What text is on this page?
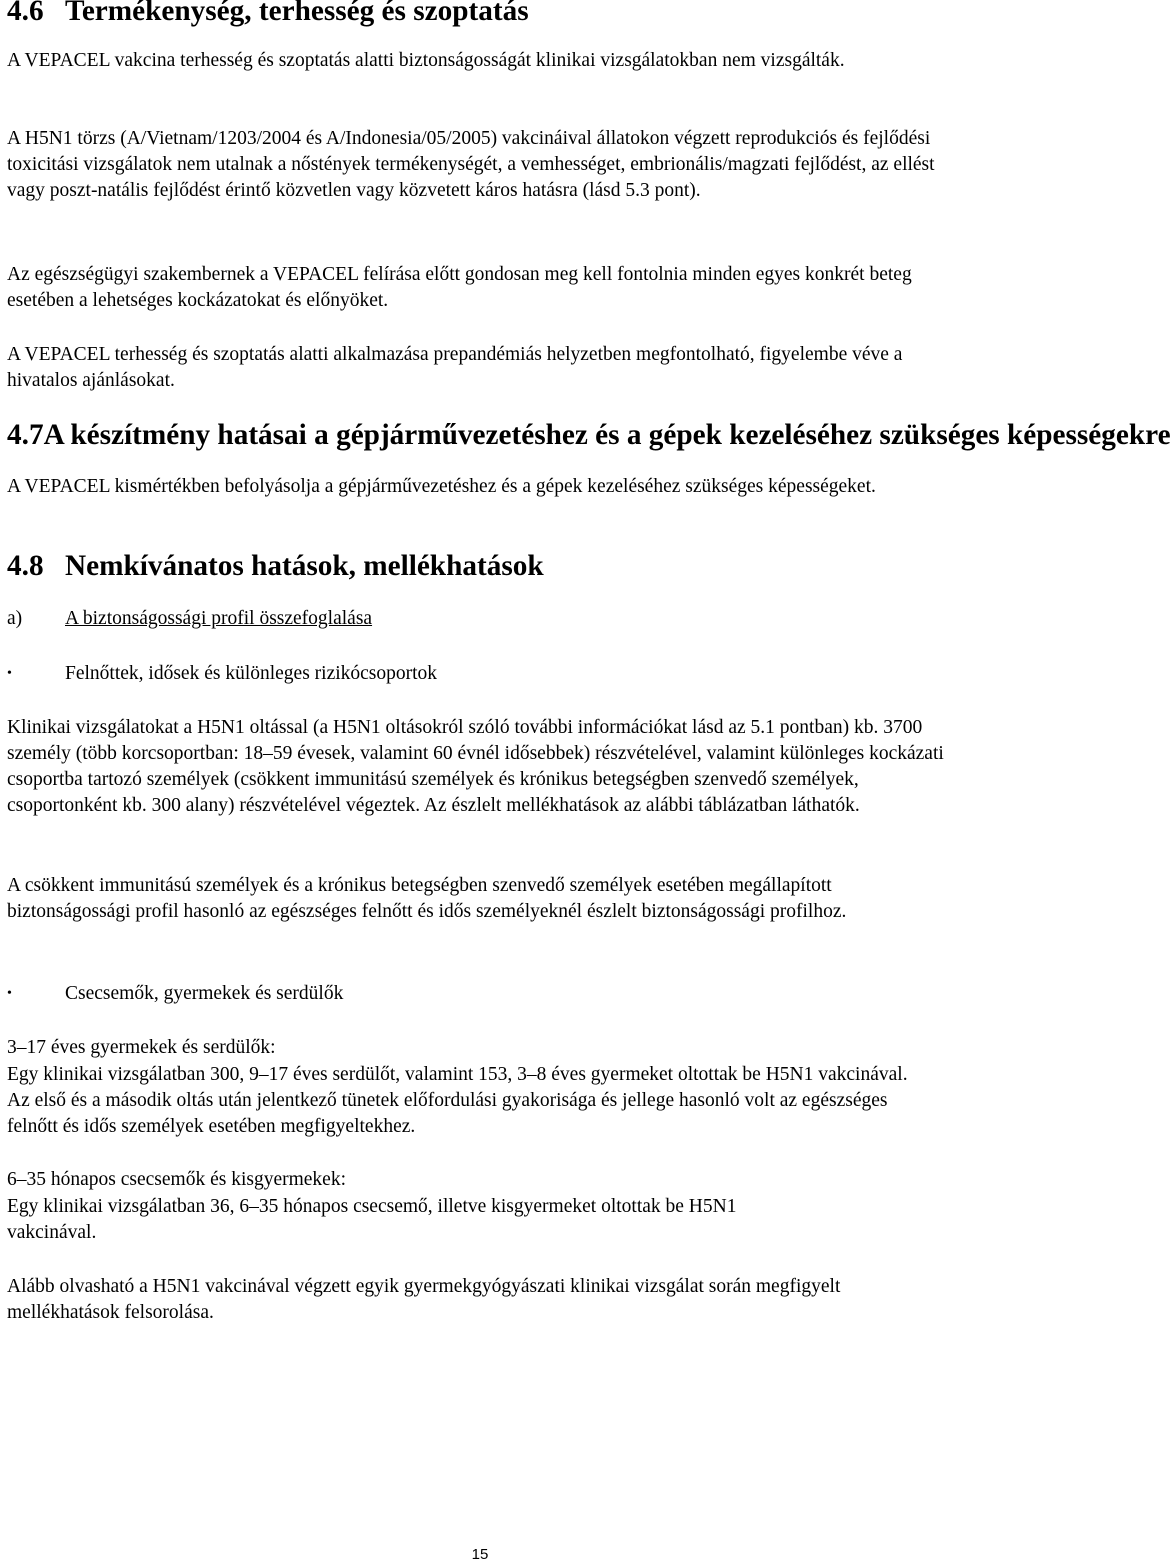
4.6 Termékenység, terhesség és szoptatás

A VEPACEL vakcina terhesség és szoptatás alatti biztonságosságát klinikai vizsgálatokban nem vizsgálták.

A H5N1 törzs (A/Vietnam/1203/2004 és A/Indonesia/05/2005) vakcináival állatokon végzett reprodukciós és fejlődési toxicitási vizsgálatok nem utalnak a nőstények termékenységét, a vemhességet, embrionális/magzati fejlődést, az ellést vagy poszt-natális fejlődést érintő közvetlen vagy közvetett káros hatásra (lásd 5.3 pont).

Az egészségügyi szakembernek a VEPACEL felírása előtt gondosan meg kell fontolnia minden egyes konkrét beteg esetében a lehetséges kockázatokat és előnyöket.

A VEPACEL terhesség és szoptatás alatti alkalmazása prepandémiás helyzetben megfontolható, figyelembe véve a hivatalos ajánlásokat.

4.7 A készítmény hatásai a gépjárművezetéshez és a gépek kezeléséhez szükséges képességekre

A VEPACEL kismértékben befolyásolja a gépjárművezetéshez és a gépek kezeléséhez szükséges képességeket.

4.8 Nemkívánatos hatások, mellékhatások
a)	A biztonságossági profil összefoglalása
•	Felnőttek, idősek és különleges rizikócsoportok

Klinikai vizsgálatokat a H5N1 oltással (a H5N1 oltásokról szóló további információkat lásd az 5.1 pontban) kb. 3700 személy (több korcsoportban: 18–59 évesek, valamint 60 évnél idősebbek) részvételével, valamint különleges kockázati csoportba tartozó személyek (csökkent immunitású személyek és krónikus betegségben szenvedő személyek, csoportonként kb. 300 alany) részvételével végeztek. Az észlelt mellékhatások az alábbi táblázatban láthatók.

A csökkent immunitású személyek és a krónikus betegségben szenvedő személyek esetében megállapított biztonságossági profil hasonló az egészséges felnőtt és idős személyeknél észlelt biztonságossági profilhoz.

•	Csecsemők, gyermekek és serdülők

3–17 éves gyermekek és serdülők:

Egy klinikai vizsgálatban 300, 9–17 éves serdülőt, valamint 153, 3–8 éves gyermeket oltottak be H5N1 vakcinával. Az első és a második oltás után jelentkező tünetek előfordulási gyakorisága és jellege hasonló volt az egészséges felnőtt és idős személyek esetében megfigyeltekhez.

6–35 hónapos csecsemők és kisgyermekek:

Egy klinikai vizsgálatban 36, 6–35 hónapos csecsemő, illetve kisgyermeket oltottak be H5N1 vakcinával.

Alább olvasható a H5N1 vakcinával végzett egyik gyermekgyógyászati klinikai vizsgálat során megfigyelt mellékhatások felsorolása.

15
